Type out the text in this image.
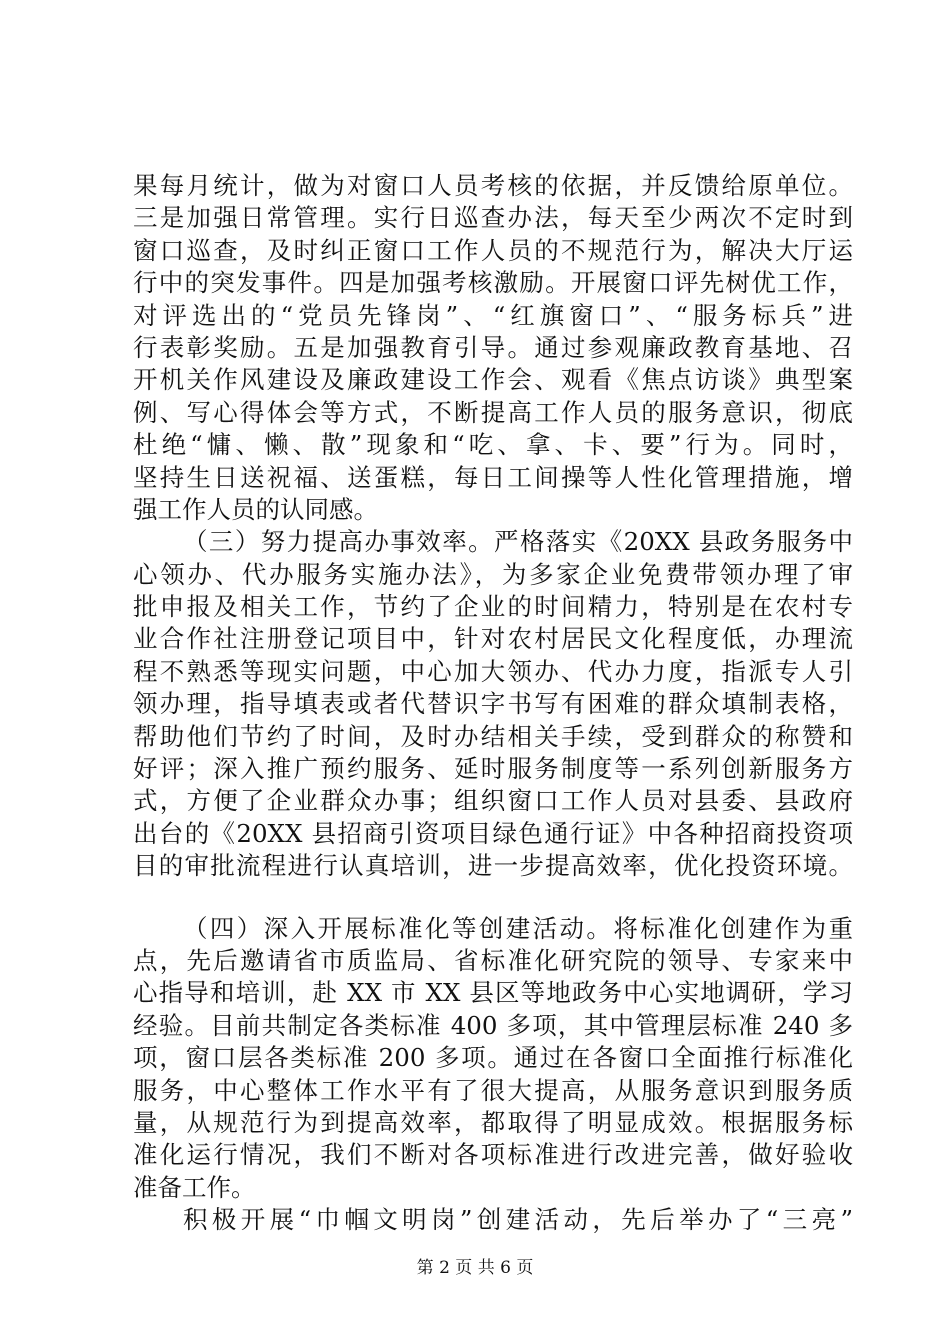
果每月统计，做为对窗口人员考核的依据，并反馈给原单位。
三是加强日常管理。实行日巡查办法，每天至少两次不定时到
窗口巡查，及时纠正窗口工作人员的不规范行为，解决大厅运
行中的突发事件。四是加强考核激励。开展窗口评先树优工作，
对评选出的“党员先锋岗”、“红旗窗口”、“服务标兵”进
行表彰奖励。五是加强教育引导。通过参观廉政教育基地、召
开机关作风建设及廉政建设工作会、观看《焦点访谈》典型案
例、写心得体会等方式，不断提高工作人员的服务意识，彻底
杜绝“慵、懒、散”现象和“吃、拿、卡、要”行为。同时，
坚持生日送祝福、送蛋糕，每日工间操等人性化管理措施，增
强工作人员的认同感。
（三）努力提高办事效率。严格落实《20XX 县政务服务中
心领办、代办服务实施办法》，为多家企业免费带领办理了审
批申报及相关工作，节约了企业的时间精力，特别是在农村专
业合作社注册登记项目中，针对农村居民文化程度低，办理流
程不熟悉等现实问题，中心加大领办、代办力度，指派专人引
领办理，指导填表或者代替识字书写有困难的群众填制表格，
帮助他们节约了时间，及时办结相关手续，受到群众的称赞和
好评；深入推广预约服务、延时服务制度等一系列创新服务方
式，方便了企业群众办事；组织窗口工作人员对县委、县政府
出台的《20XX 县招商引资项目绿色通行证》中各种招商投资项
目的审批流程进行认真培训，进一步提高效率，优化投资环境。
（四）深入开展标准化等创建活动。将标准化创建作为重
点，先后邀请省市质监局、省标准化研究院的领导、专家来中
心指导和培训，赴 XX 市 XX 县区等地政务中心实地调研，学习
经验。目前共制定各类标准 400 多项，其中管理层标准 240 多
项，窗口层各类标准 200 多项。通过在各窗口全面推行标准化
服务，中心整体工作水平有了很大提高，从服务意识到服务质
量，从规范行为到提高效率，都取得了明显成效。根据服务标
准化运行情况，我们不断对各项标准进行改进完善，做好验收
准备工作。
积极开展“巾帼文明岗”创建活动，先后举办了“三亮”
第 2 页 共 6 页
